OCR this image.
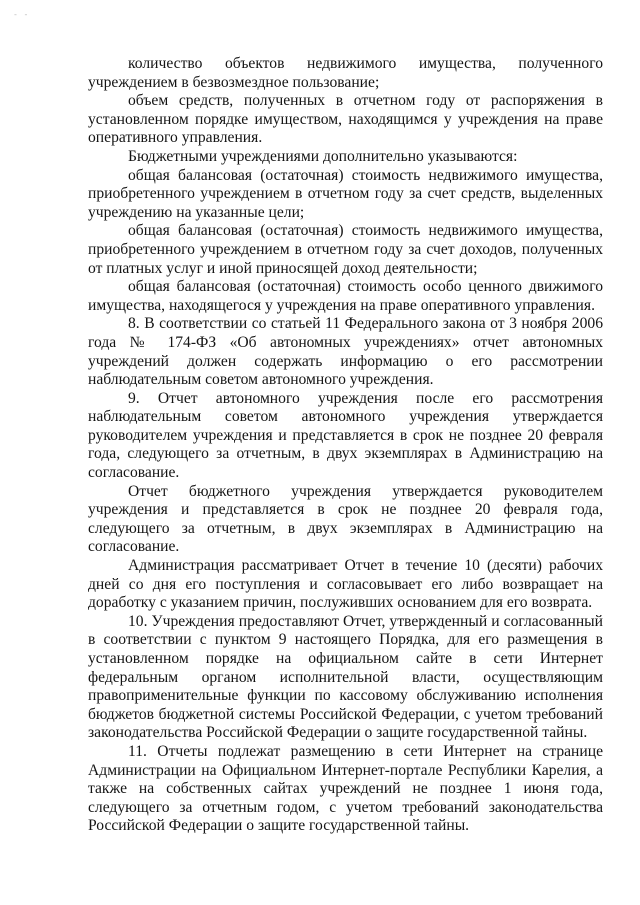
-   -

количество объектов недвижимого имущества, полученного учреждением в безвозмездное пользование;

объем средств, полученных в отчетном году от распоряжения в установленном порядке имуществом, находящимся у учреждения на праве оперативного управления.

Бюджетными учреждениями дополнительно указываются:

общая балансовая (остаточная) стоимость недвижимого имущества, приобретенного учреждением в отчетном году за счет средств, выделенных учреждению на указанные цели;

общая балансовая (остаточная) стоимость недвижимого имущества, приобретенного учреждением в отчетном году за счет доходов, полученных от платных услуг и иной приносящей доход деятельности;

общая балансовая (остаточная) стоимость особо ценного движимого имущества, находящегося у учреждения на праве оперативного управления.

8. В соответствии со статьей 11 Федерального закона от 3 ноября 2006 года № 174-ФЗ «Об автономных учреждениях» отчет автономных учреждений должен содержать информацию о его рассмотрении наблюдательным советом автономного учреждения.

9. Отчет автономного учреждения после его рассмотрения наблюдательным советом автономного учреждения утверждается руководителем учреждения и представляется в срок не позднее 20 февраля года, следующего за отчетным, в двух экземплярах в Администрацию на согласование.

Отчет бюджетного учреждения утверждается руководителем учреждения и представляется в срок не позднее 20 февраля года, следующего за отчетным, в двух экземплярах в Администрацию на согласование.

Администрация рассматривает Отчет в течение 10 (десяти) рабочих дней со дня его поступления и согласовывает его либо возвращает на доработку с указанием причин, послуживших основанием для его возврата.

10. Учреждения предоставляют Отчет, утвержденный и согласованный в соответствии с пунктом 9 настоящего Порядка, для его размещения в установленном порядке на официальном сайте в сети Интернет федеральным органом исполнительной власти, осуществляющим правоприменительные функции по кассовому обслуживанию исполнения бюджетов бюджетной системы Российской Федерации, с учетом требований законодательства Российской Федерации о защите государственной тайны.

11. Отчеты подлежат размещению в сети Интернет на странице Администрации на Официальном Интернет-портале Республики Карелия, а также на собственных сайтах учреждений не позднее 1 июня года, следующего за отчетным годом, с учетом требований законодательства Российской Федерации о защите государственной тайны.
